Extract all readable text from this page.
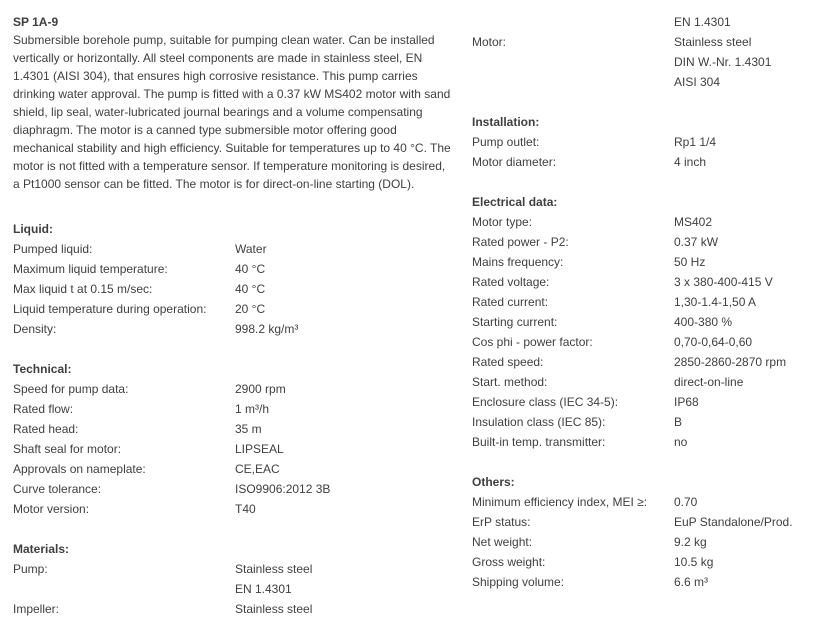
SP 1A-9
Submersible borehole pump, suitable for pumping clean water. Can be installed vertically or horizontally. All steel components are made in stainless steel, EN 1.4301 (AISI 304), that ensures high corrosive resistance. This pump carries drinking water approval. The pump is fitted with a 0.37 kW MS402 motor with sand shield, lip seal, water-lubricated journal bearings and a volume compensating diaphragm. The motor is a canned type submersible motor offering good mechanical stability and high efficiency. Suitable for temperatures up to 40 °C. The motor is not fitted with a temperature sensor. If temperature monitoring is desired, a Pt1000 sensor can be fitted. The motor is for direct-on-line starting (DOL).
Liquid:
Pumped liquid:	Water
Maximum liquid temperature:	40 °C
Max liquid t at 0.15 m/sec:	40 °C
Liquid temperature during operation: 20 °C
Density:	998.2 kg/m³
Technical:
Speed for pump data:	2900 rpm
Rated flow:	1 m³/h
Rated head:	35 m
Shaft seal for motor:	LIPSEAL
Approvals on nameplate:	CE,EAC
Curve tolerance:	ISO9906:2012 3B
Motor version:	T40
Materials:
Pump:	Stainless steel
EN 1.4301
Impeller:	Stainless steel
EN 1.4301
Motor:	Stainless steel
DIN W.-Nr. 1.4301
AISI 304
Installation:
Pump outlet:	Rp1 1/4
Motor diameter:	4 inch
Electrical data:
Motor type:	MS402
Rated power - P2:	0.37 kW
Mains frequency:	50 Hz
Rated voltage:	3 x 380-400-415 V
Rated current:	1,30-1.4-1,50 A
Starting current:	400-380 %
Cos phi - power factor:	0,70-0,64-0,60
Rated speed:	2850-2860-2870 rpm
Start. method:	direct-on-line
Enclosure class (IEC 34-5):	IP68
Insulation class (IEC 85):	B
Built-in temp. transmitter:	no
Others:
Minimum efficiency index, MEI ≥: 0.70
ErP status:	EuP Standalone/Prod.
Net weight:	9.2 kg
Gross weight:	10.5 kg
Shipping volume:	6.6 m³
